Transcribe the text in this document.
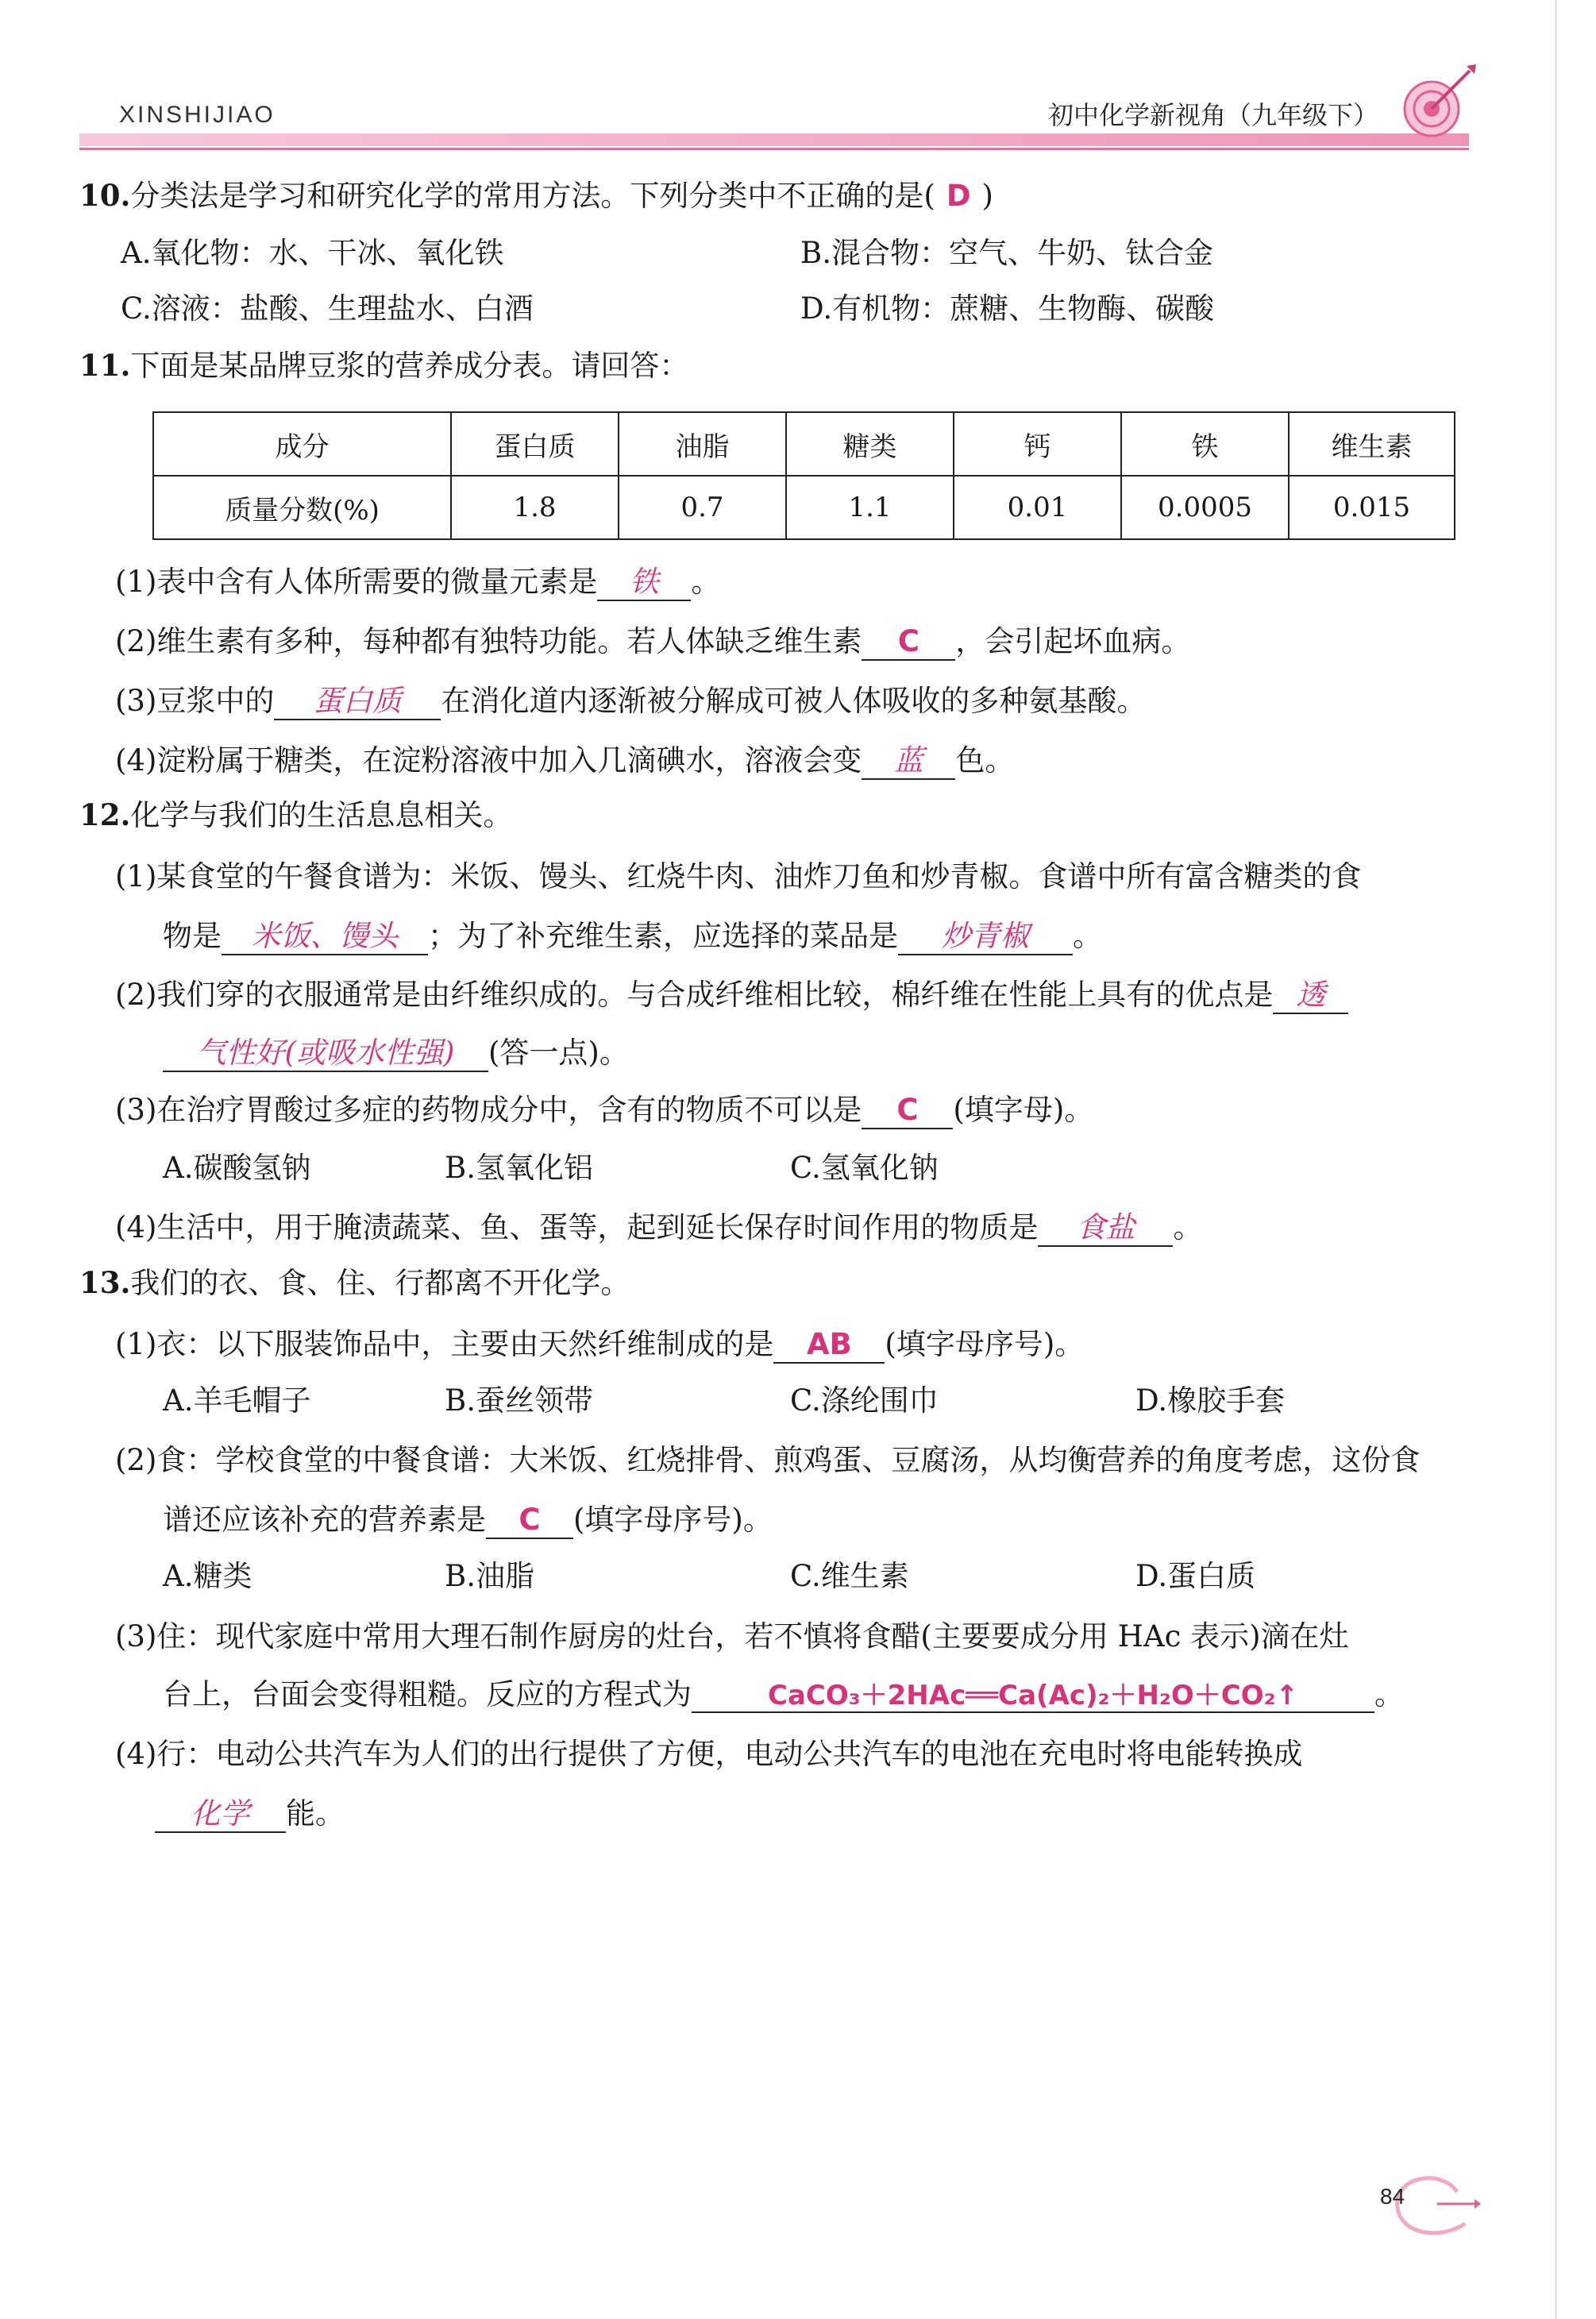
XINSHIJIAO	初中化学新视角（九年级下）
10.分类法是学习和研究化学的常用方法。下列分类中不正确的是( D )
A.氧化物：水、干冰、氧化铁	B.混合物：空气、牛奶、钛合金
C.溶液：盐酸、生理盐水、白酒	D.有机物：蔗糖、生物酶、碳酸
11.下面是某品牌豆浆的营养成分表。请回答：
成分	蛋白质	油脂	糖类	钙	铁	维生素
质量分数(%)	1.8	0.7	1.1	0.01	0.0005	0.015
(1)表中含有人体所需要的微量元素是 铁 。
(2)维生素有多种，每种都有独特功能。若人体缺乏维生素 C ，会引起坏血病。
(3)豆浆中的 蛋白质 在消化道内逐渐被分解成可被人体吸收的多种氨基酸。
(4)淀粉属于糖类，在淀粉溶液中加入几滴碘水，溶液会变 蓝 色。
12.化学与我们的生活息息相关。
(1)某食堂的午餐食谱为：米饭、馒头、红烧牛肉、油炸刀鱼和炒青椒。食谱中所有富含糖类的食
物是 米饭、馒头 ；为了补充维生素，应选择的菜品是 炒青椒 。
(2)我们穿的衣服通常是由纤维织成的。与合成纤维相比较，棉纤维在性能上具有的优点是 透
气性好(或吸水性强) (答一点)。
(3)在治疗胃酸过多症的药物成分中，含有的物质不可以是 C (填字母)。
A.碳酸氢钠	B.氢氧化铝	C.氢氧化钠
(4)生活中，用于腌渍蔬菜、鱼、蛋等，起到延长保存时间作用的物质是 食盐 。
13.我们的衣、食、住、行都离不开化学。
(1)衣：以下服装饰品中，主要由天然纤维制成的是 AB (填字母序号)。
A.羊毛帽子	B.蚕丝领带	C.涤纶围巾	D.橡胶手套
(2)食：学校食堂的中餐食谱：大米饭、红烧排骨、煎鸡蛋、豆腐汤，从均衡营养的角度考虑，这份食
谱还应该补充的营养素是 C (填字母序号)。
A.糖类	B.油脂	C.维生素	D.蛋白质
(3)住：现代家庭中常用大理石制作厨房的灶台，若不慎将食醋(主要要成分用 HAc 表示)滴在灶
台上，台面会变得粗糙。反应的方程式为	CaCO₃＋2HAc══Ca(Ac)₂＋H₂O＋CO₂↑	。
(4)行：电动公共汽车为人们的出行提供了方便，电动公共汽车的电池在充电时将电能转换成
化学 能。
84
